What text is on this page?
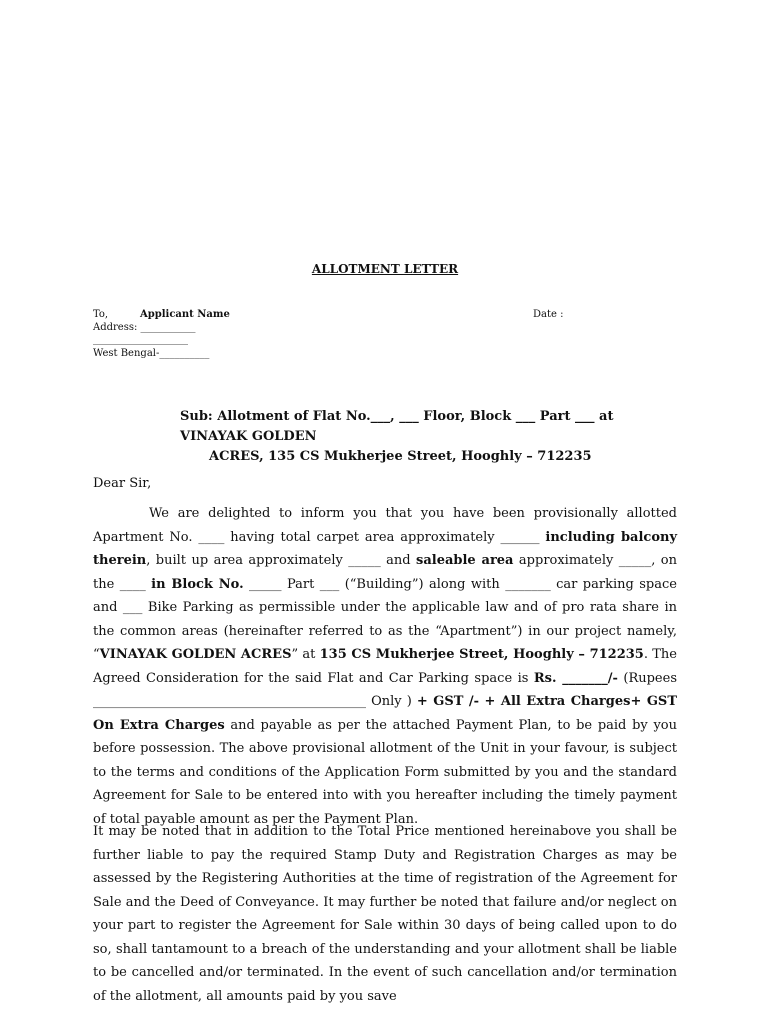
ALLOTMENT LETTER
To,	Applicant Name	Date :
Address: ___________
___________________
West Bengal-__________
Sub: Allotment of Flat No.___, ___ Floor, Block ___ Part ___ at VINAYAK GOLDEN
ACRES, 135 CS Mukherjee Street, Hooghly – 712235
Dear Sir,

We are delighted to inform you that you have been provisionally allotted Apartment No. ____ having total carpet area approximately ______ including balcony therein, built up area approximately _____ and saleable area approximately _____, on the ____ in Block No. _____ Part ___ (“Building”) along with _______ car parking space and ___ Bike Parking as permissible under the applicable law and of pro rata share in the common areas (hereinafter referred to as the “Apartment”) in our project namely, “VINAYAK GOLDEN ACRES” at 135 CS Mukherjee Street, Hooghly – 712235. The Agreed Consideration for the said Flat and Car Parking space is Rs. _______/- (Rupees __________________________________________ Only ) + GST /- + All Extra Charges+ GST On Extra Charges and payable as per the attached Payment Plan, to be paid by you before possession. The above provisional allotment of the Unit in your favour, is subject to the terms and conditions of the Application Form submitted by you and the standard Agreement for Sale to be entered into with you hereafter including the timely payment of total payable amount as per the Payment Plan.

It may be noted that in addition to the Total Price mentioned hereinabove you shall be further liable to pay the required Stamp Duty and Registration Charges as may be assessed by the Registering Authorities at the time of registration of the Agreement for Sale and the Deed of Conveyance. It may further be noted that failure and/or neglect on your part to register the Agreement for Sale within 30 days of being called upon to do so, shall tantamount to a breach of the understanding and your allotment shall be liable to be cancelled and/or terminated. In the event of such cancellation and/or termination of the allotment, all amounts paid by you save
